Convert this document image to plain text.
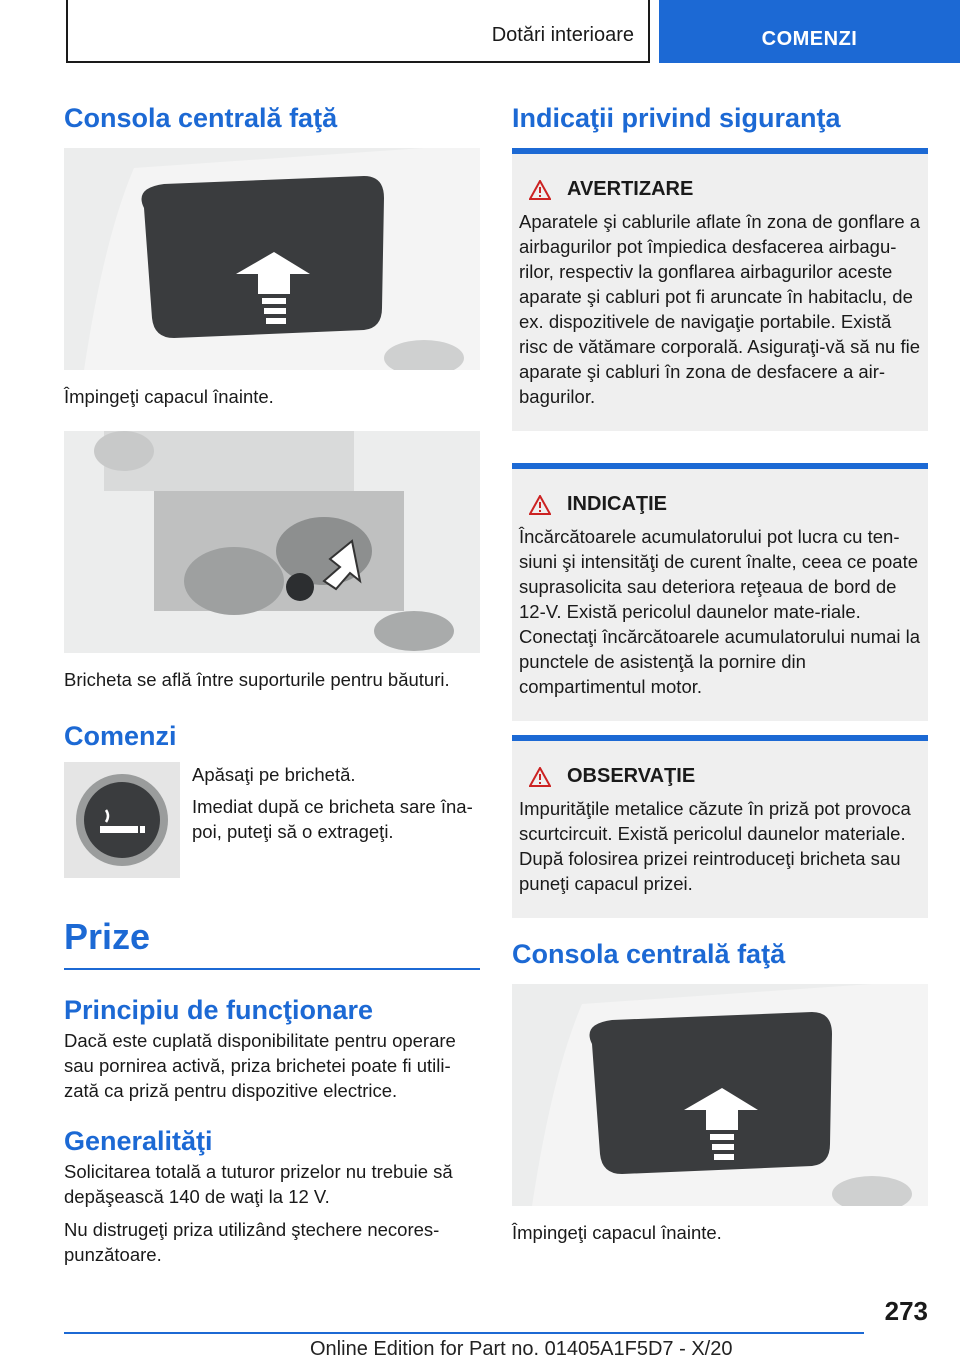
Dotări interioare	COMENZI
Consola centrală faţă

Împingeţi capacul înainte.

Bricheta se află între suporturile pentru băuturi.

Comenzi

Apăsaţi pe brichetă.

Imediat după ce bricheta sare îna-poi, puteţi să o extrageţi.

Prize
Principiu de funcţionare

Dacă este cuplată disponibilitate pentru operare sau pornirea activă, priza brichetei poate fi utili-zată ca priză pentru dispozitive electrice.

Generalităţi

Solicitarea totală a tuturor prizelor nu trebuie să depăşească 140 de waţi la 12 V.

Nu distrugeţi priza utilizând ştechere necores-punzătoare.

Indicaţii privind siguranţa
AVERTIZARE

Aparatele şi cablurile aflate în zona de gonflare a airbagurilor pot împiedica desfacerea airbagu-rilor, respectiv la gonflarea airbagurilor aceste aparate şi cabluri pot fi aruncate în habitaclu, de ex. dispozitivele de navigaţie portabile. Există risc de vătămare corporală. Asiguraţi-vă să nu fie aparate şi cabluri în zona de desfacere a air-bagurilor.

INDICAŢIE

Încărcătoarele acumulatorului pot lucra cu ten-siuni şi intensităţi de curent înalte, ceea ce poate suprasolicita sau deteriora reţeaua de bord de 12-V. Există pericolul daunelor mate-riale. Conectaţi încărcătoarele acumulatorului numai la punctele de asistenţă la pornire din compartimentul motor.

OBSERVAŢIE

Impurităţile metalice căzute în priză pot provoca scurtcircuit. Există pericolul daunelor materiale. După folosirea prizei reintroduceţi bricheta sau puneţi capacul prizei.

Consola centrală faţă

Împingeţi capacul înainte.

273
Online Edition for Part no. 01405A1F5D7 - X/20
